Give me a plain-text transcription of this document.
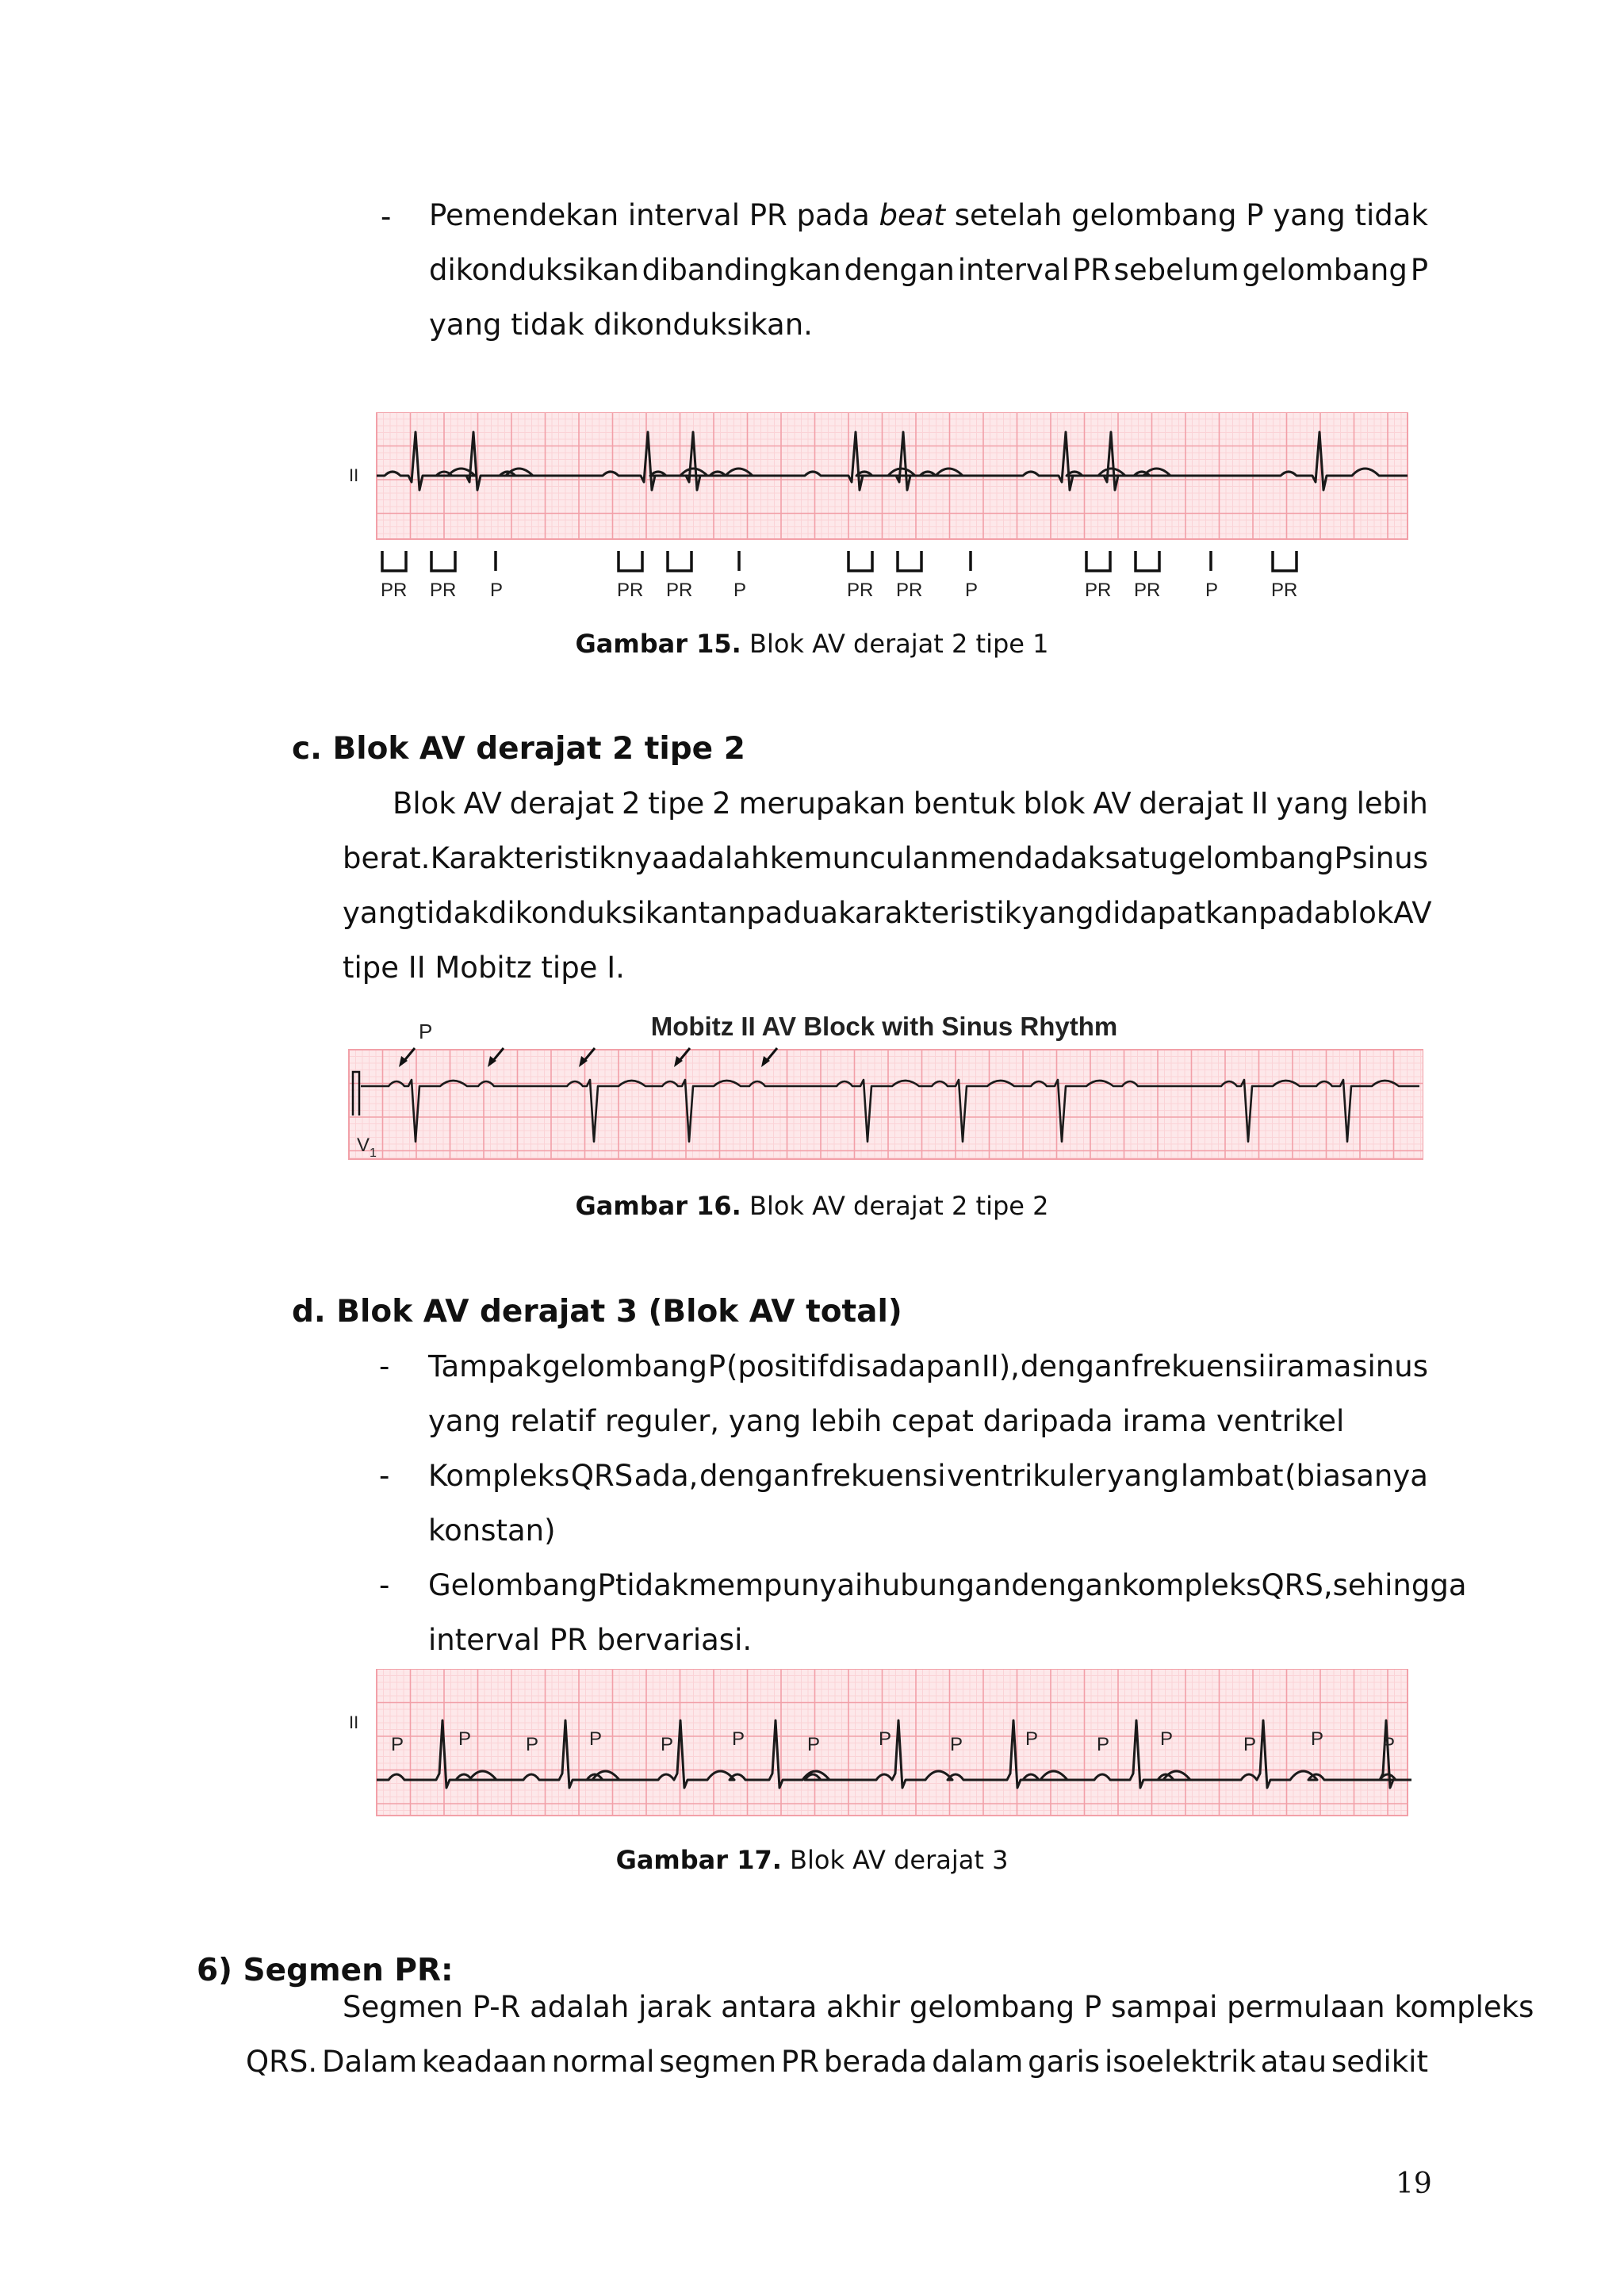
- Pemendekan interval PR pada beat setelah gelombang P yang tidak
dikonduksikan dibandingkan dengan interval PR sebelum gelombang P
yang tidak dikonduksikan.
II
PR PR P	PR PR P	PR PR P	PR PR P	PR
Gambar 15. Blok AV derajat 2 tipe 1
c. Blok AV derajat 2 tipe 2
Blok AV derajat 2 tipe 2 merupakan bentuk blok AV derajat II yang lebih
berat. Karakteristiknya adalah kemunculan mendadak satu gelombang P sinus
yang tidak dikonduksikan tanpa dua karakteristik yang didapatkan pada blok AV
tipe II Mobitz tipe I.
Mobitz II AV Block with Sinus Rhythm
P
V 1
Gambar 16. Blok AV derajat 2 tipe 2
d. Blok AV derajat 3 (Blok AV total)
- Tampak gelombang P (positif di sadapan II), dengan frekuensi irama sinus
yang relatif reguler, yang lebih cepat daripada irama ventrikel
- Kompleks QRS ada, dengan frekuensi ventrikuler yang lambat (biasanya
konstan)
- Gelombang P tidak mempunyai hubungan dengan kompleks QRS, sehingga
interval PR bervariasi.
II
P	P	P	P	P	P	P	P	P	P	P	P	P	P	P
Gambar 17. Blok AV derajat 3
6) Segmen PR:
Segmen P-R adalah jarak antara akhir gelombang P sampai permulaan kompleks
QRS. Dalam keadaan normal segmen PR berada dalam garis isoelektrik atau sedikit
19
